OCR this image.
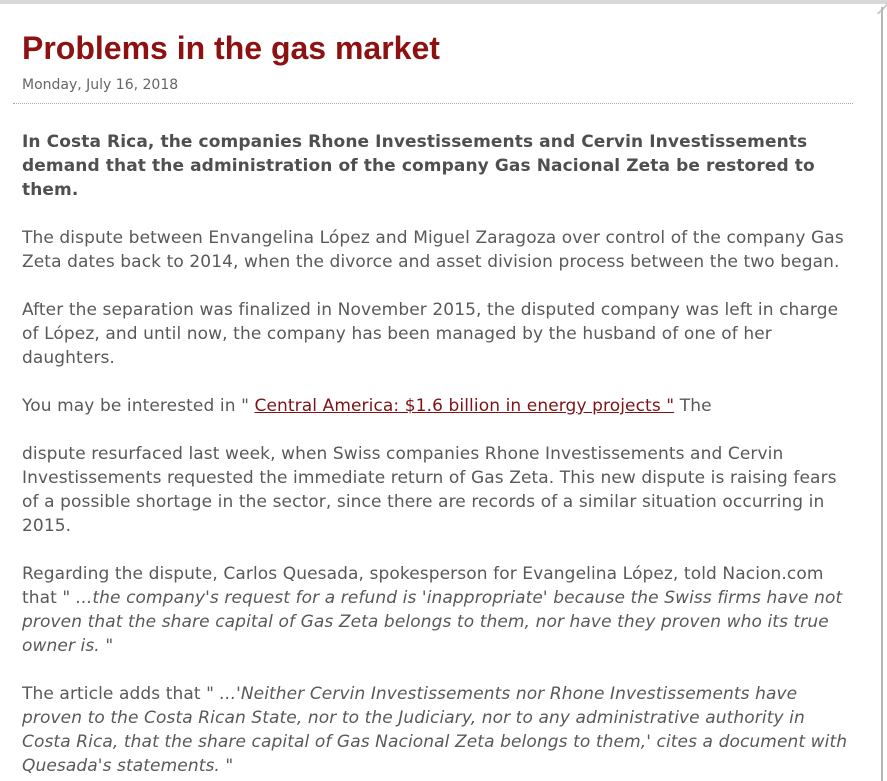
Problems in the gas market

Monday, July 16, 2018

In Costa Rica, the companies Rhone Investissements and Cervin Investissements demand that the administration of the company Gas Nacional Zeta be restored to them.

The dispute between Envangelina López and Miguel Zaragoza over control of the company Gas Zeta dates back to 2014, when the divorce and asset division process between the two began.

After the separation was finalized in November 2015, the disputed company was left in charge of López, and until now, the company has been managed by the husband of one of her daughters.

You may be interested in " Central America: $1.6 billion in energy projects " The

dispute resurfaced last week, when Swiss companies Rhone Investissements and Cervin Investissements requested the immediate return of Gas Zeta. This new dispute is raising fears of a possible shortage in the sector, since there are records of a similar situation occurring in 2015.

Regarding the dispute, Carlos Quesada, spokesperson for Evangelina López, told Nacion.com that " ...the company's request for a refund is 'inappropriate' because the Swiss firms have not proven that the share capital of Gas Zeta belongs to them, nor have they proven who its true owner is. "

The article adds that " ...'Neither Cervin Investissements nor Rhone Investissements have proven to the Costa Rican State, nor to the Judiciary, nor to any administrative authority in Costa Rica, that the share capital of Gas Nacional Zeta belongs to them,' cites a document with Quesada's statements. "
